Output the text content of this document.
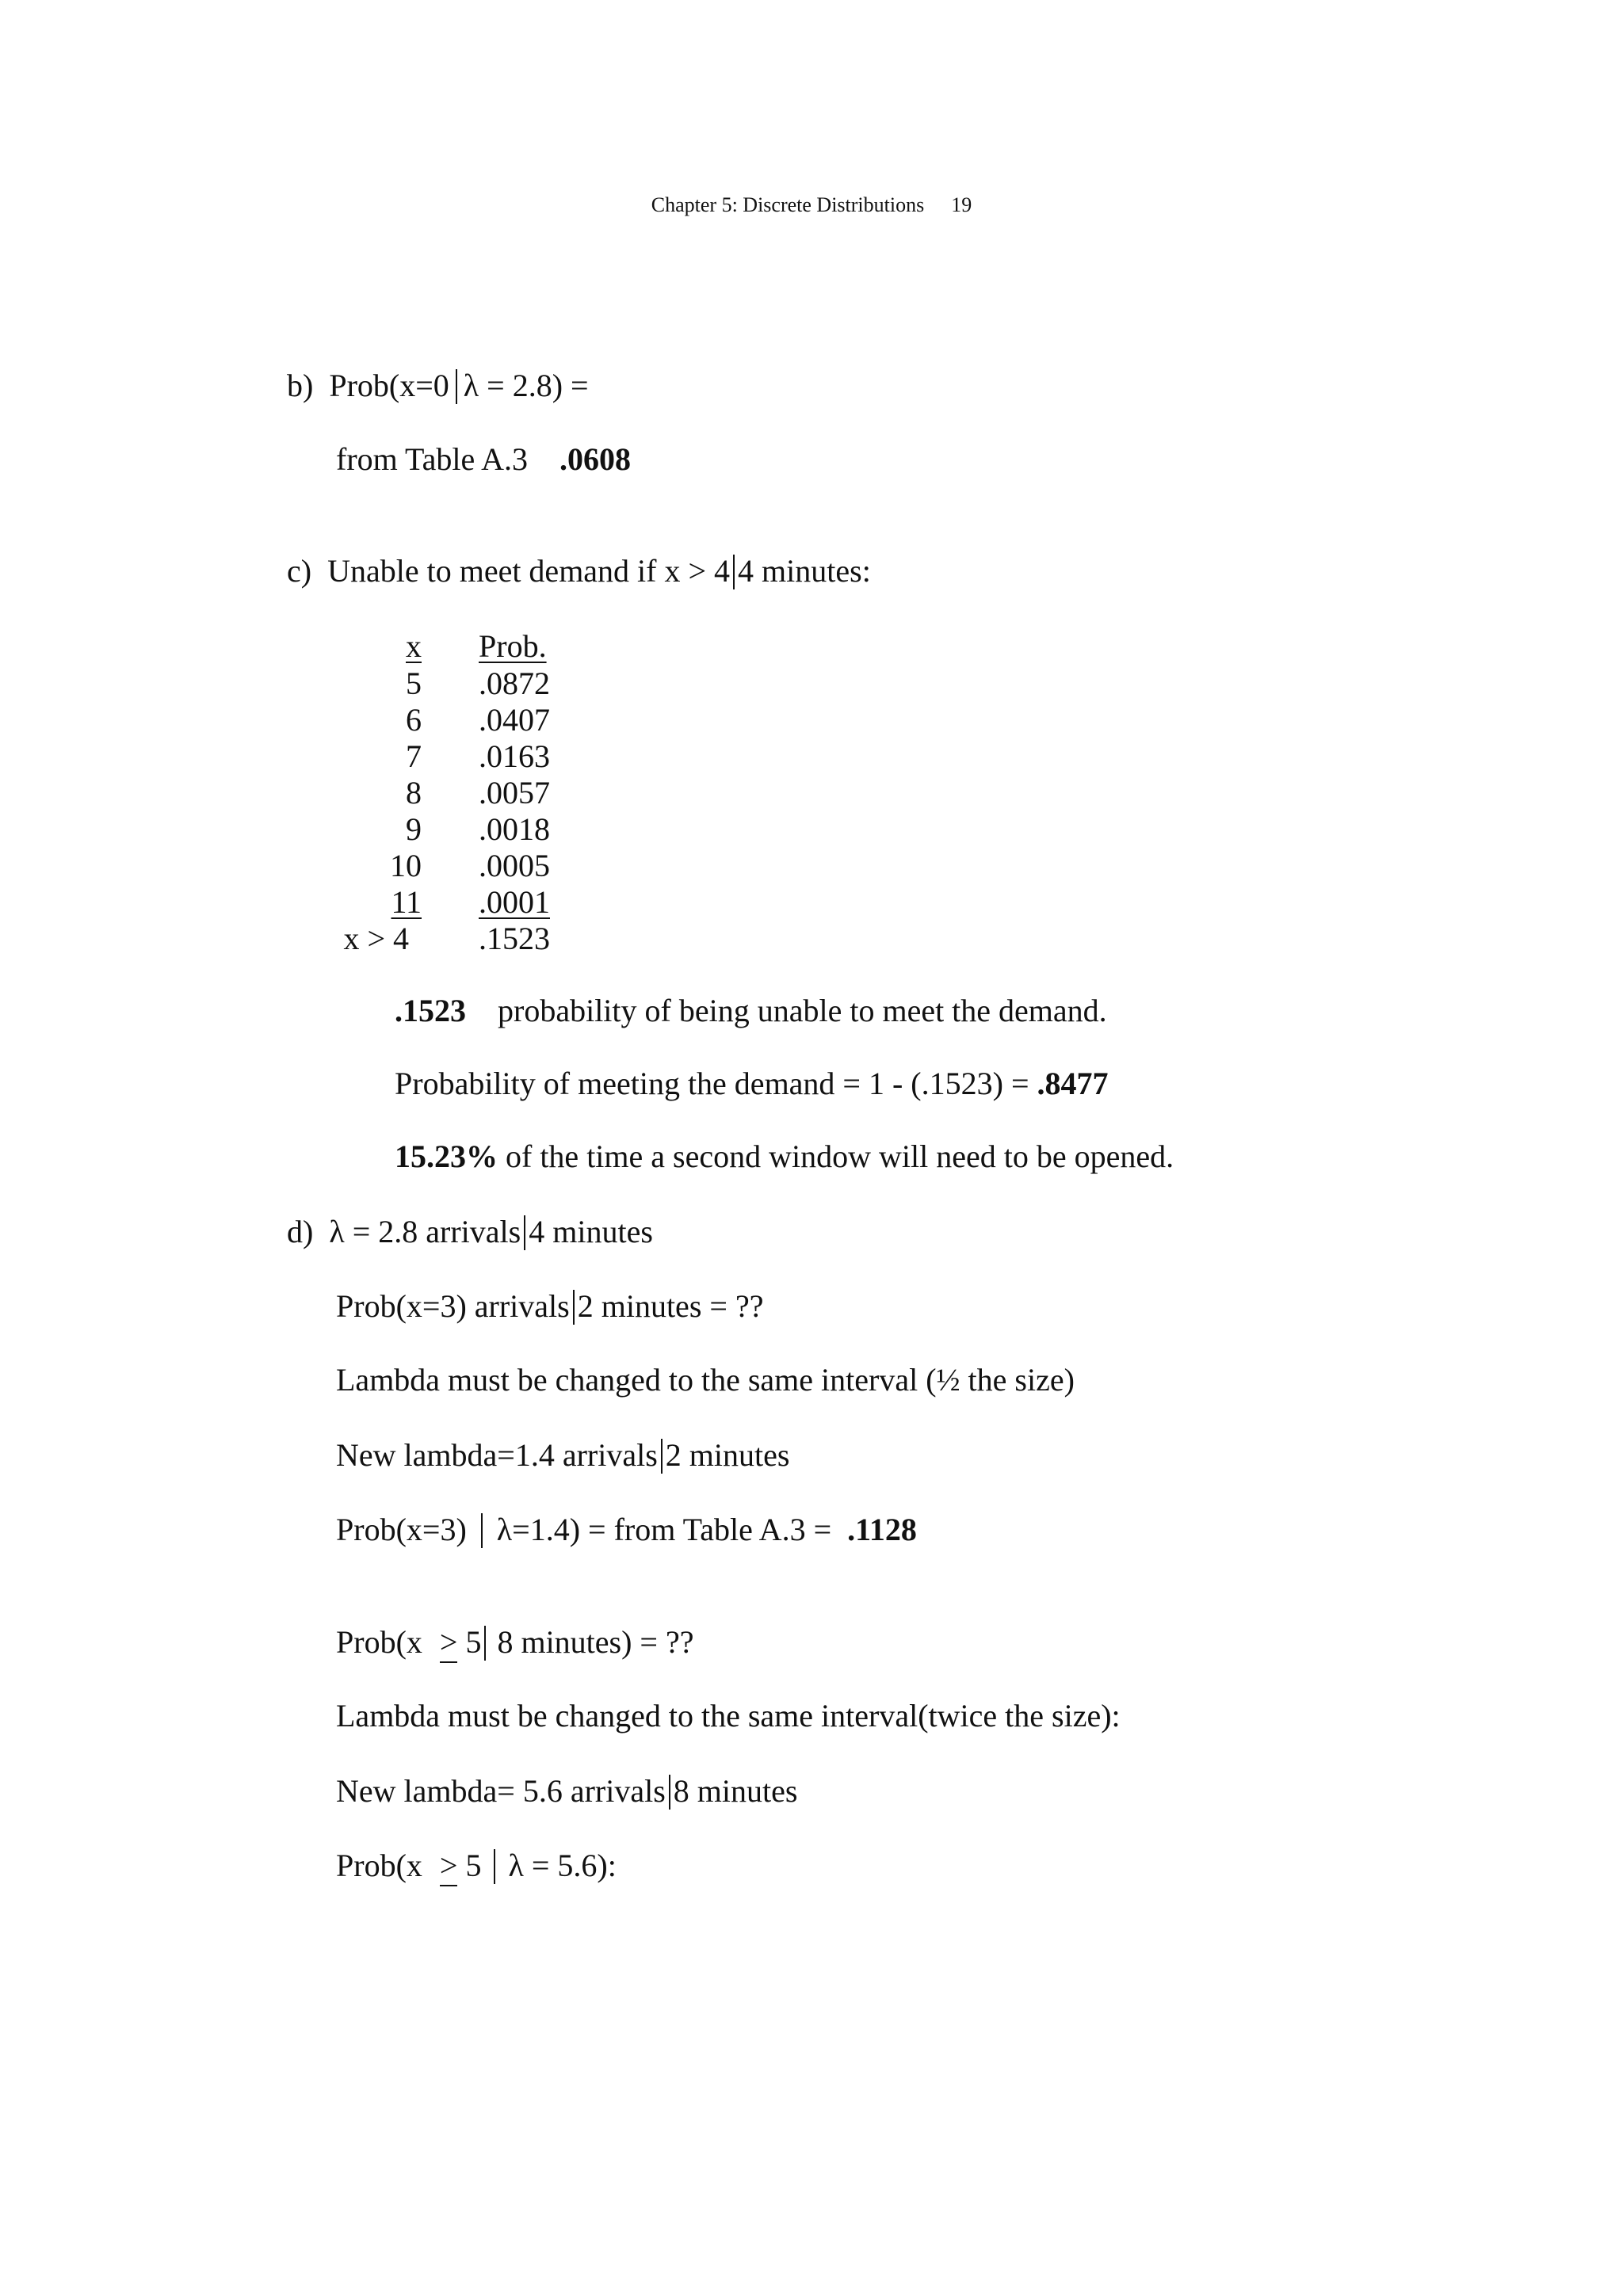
Chapter 5: Discrete Distributions 19
b) Prob(x=0 λ = 2.8) =
from Table A.3 .0608
c) Unable to meet demand if x > 4 4 minutes:
x Prob.
5 .0872
6 .0407
7 .0163
8 .0057
9 .0018
10 .0005
11 .0001
x > 4 .1523
.1523 probability of being unable to meet the demand.
Probability of meeting the demand = 1 - (.1523) = .8477
15.23% of the time a second window will need to be opened.
d) λ = 2.8 arrivals 4 minutes
Prob(x=3) arrivals 2 minutes = ??
Lambda must be changed to the same interval (½ the size)
New lambda=1.4 arrivals 2 minutes
Prob(x=3) λ=1.4) = from Table A.3 = .1128
Prob(x > 5 8 minutes) = ??
Lambda must be changed to the same interval(twice the size):
New lambda= 5.6 arrivals 8 minutes
Prob(x > 5 λ = 5.6):
